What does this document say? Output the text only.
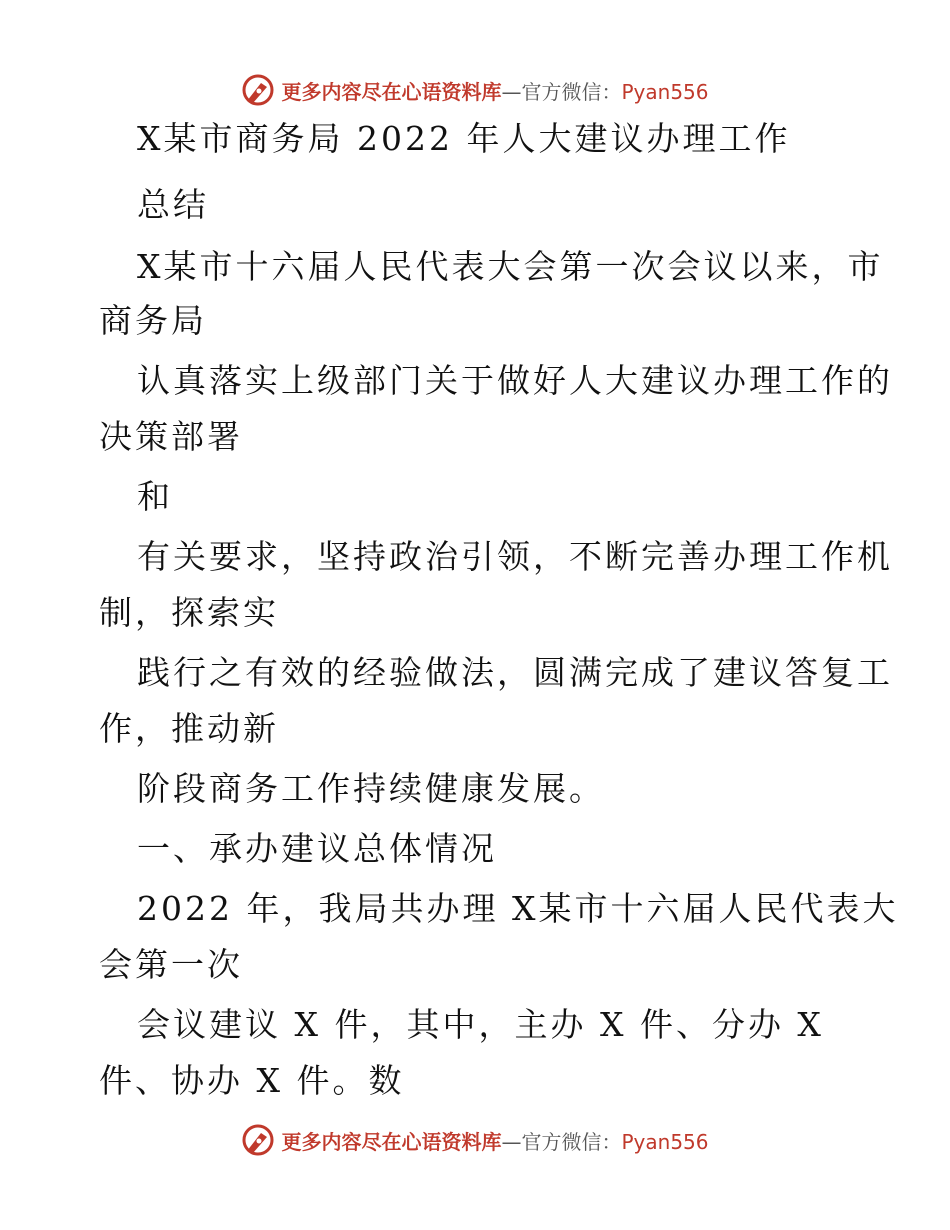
更多内容尽在心语资料库—官方微信：Pyan556
X某市商务局 2022 年人大建议办理工作
总结
X某市十六届人民代表大会第一次会议以来，市
商务局
认真落实上级部门关于做好人大建议办理工作的
决策部署
和
有关要求，坚持政治引领，不断完善办理工作机
制，探索实
践行之有效的经验做法，圆满完成了建议答复工
作，推动新
阶段商务工作持续健康发展。
一、承办建议总体情况
2022 年，我局共办理 X某市十六届人民代表大
会第一次
会议建议 X 件，其中，主办 X 件、分办 X
件、协办 X 件。数
更多内容尽在心语资料库—官方微信：Pyan556
